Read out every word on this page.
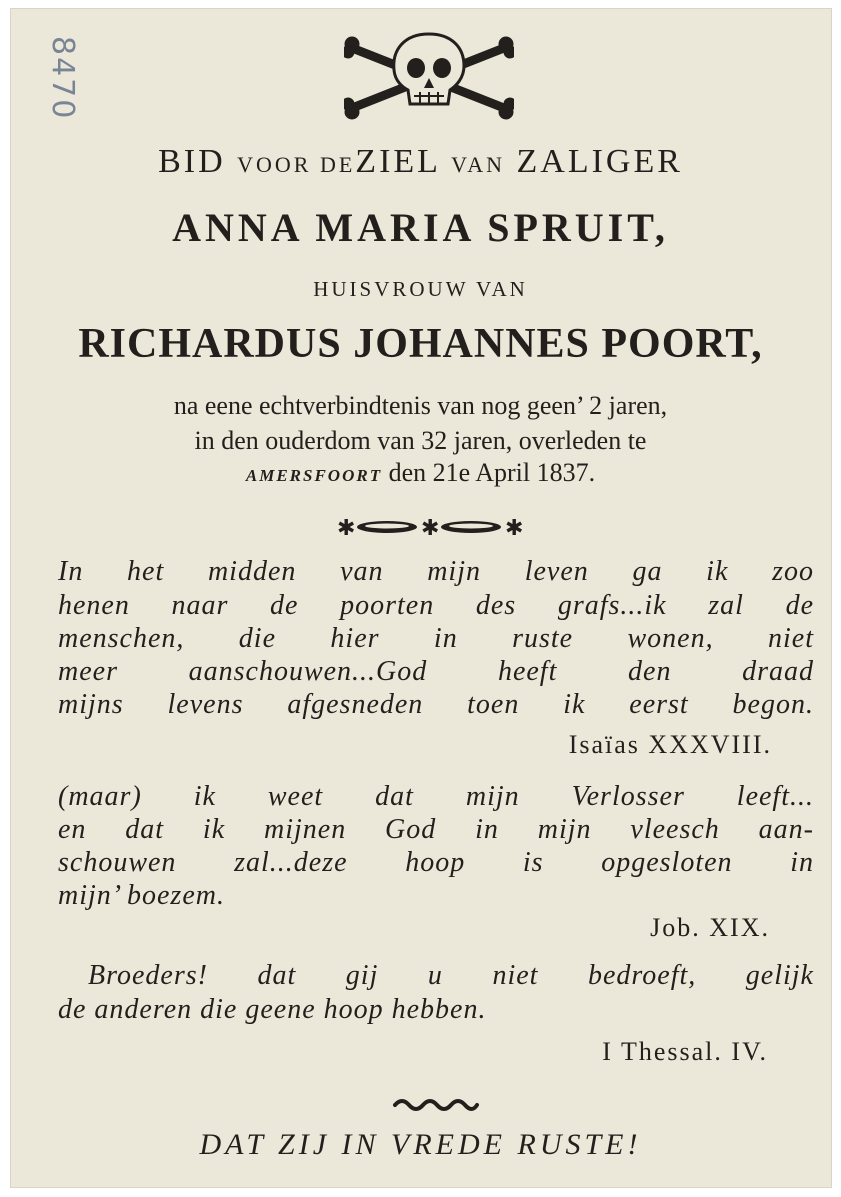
8470
BID VOOR DEZIEL VAN ZALIGER
ANNA MARIA SPRUIT,
HUISVROUW VAN
RICHARDUS JOHANNES POORT,
na eene echtverbindtenis van nog geen’ 2 jaren,
in den ouderdom van 32 jaren, overleden te
AMERSFOORT den 21e April 1837.
✱	✱	✱
In het midden van mijn leven ga ik zoo
henen naar de poorten des grafs...ik zal de
menschen, die hier in ruste wonen, niet
meer aanschouwen...God heeft den draad
mijns levens afgesneden toen ik eerst begon.
Isaïas XXXVIII.
(maar) ik weet dat mijn Verlosser leeft...
en dat ik mijnen God in mijn vleesch aan-
schouwen zal...deze hoop is opgesloten in
mijn’ boezem.
Job. XIX.
Broeders! dat gij u niet bedroeft, gelijk
de anderen die geene hoop hebben.
I Thessal. IV.
DAT ZIJ IN VREDE RUSTE!
